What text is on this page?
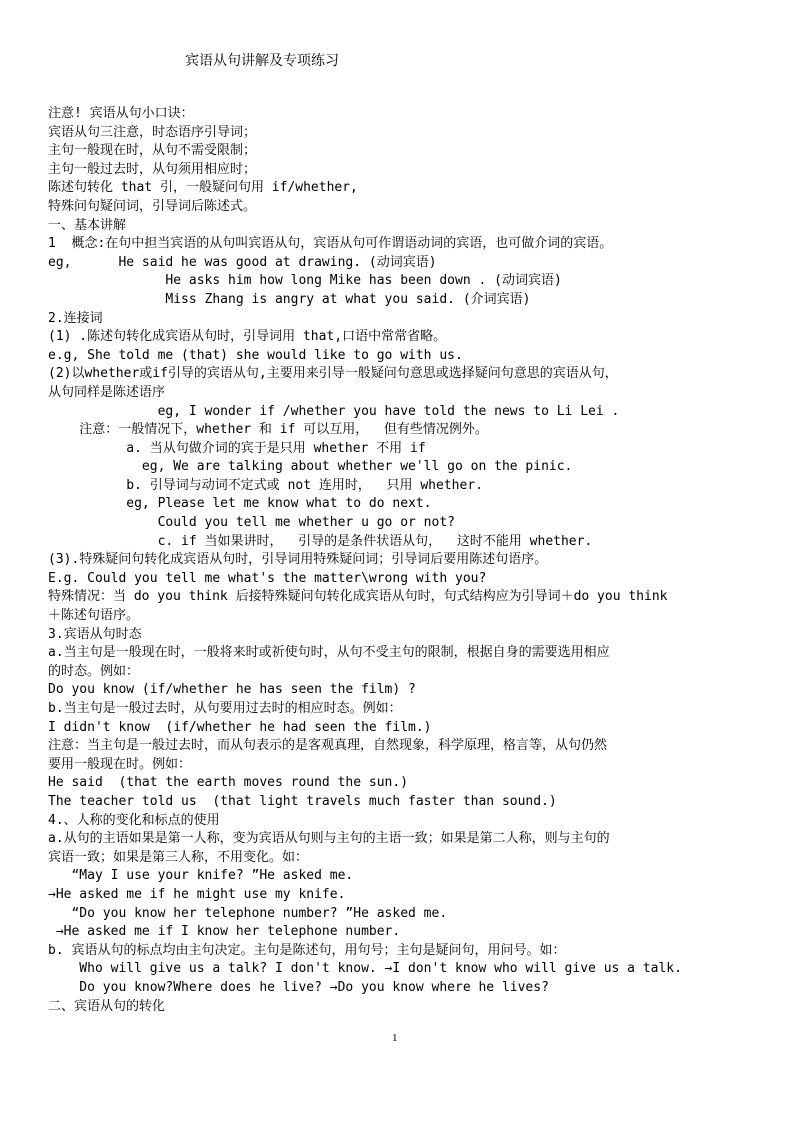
宾语从句讲解及专项练习
注意! 宾语从句小口诀：
宾语从句三注意，时态语序引导词；
主句一般现在时，从句不需受限制；
主句一般过去时，从句须用相应时；
陈述句转化 that 引，一般疑问句用 if/whether,
特殊问句疑问词，引导词后陈述式。
一、基本讲解
1  概念:在句中担当宾语的从句叫宾语从句，宾语从句可作谓语动词的宾语，也可做介词的宾语。
eg,      He said he was good at drawing. (动词宾语)
He asks him how long Mike has been down . (动词宾语)
Miss Zhang is angry at what you said. (介词宾语)
2.连接词
(1) .陈述句转化成宾语从句时，引导词用 that,口语中常常省略。
e.g, She told me (that) she would like to go with us.
(2)以whether或if引导的宾语从句,主要用来引导一般疑问句意思或选择疑问句意思的宾语从句，
从句同样是陈述语序
eg, I wonder if /whether you have told the news to Li Lei .
注意：一般情况下，whether 和 if 可以互用，  但有些情况例外。
a. 当从句做介词的宾于是只用 whether 不用 if
eg, We are talking about whether we'll go on the pinic.
b. 引导词与动词不定式或 not 连用时，  只用 whether.
eg, Please let me know what to do next.
Could you tell me whether u go or not?
c. if 当如果讲时，  引导的是条件状语从句，  这时不能用 whether.
(3).特殊疑问句转化成宾语从句时，引导词用特殊疑问词；引导词后要用陈述句语序。
E.g. Could you tell me what's the matter\wrong with you?
特殊情况：当 do you think 后接特殊疑问句转化成宾语从句时，句式结构应为引导词＋do you think
＋陈述句语序。
3.宾语从句时态
a.当主句是一般现在时，一般将来时或祈使句时，从句不受主句的限制，根据自身的需要选用相应
的时态。例如：
Do you know (if/whether he has seen the film) ?
b.当主句是一般过去时，从句要用过去时的相应时态。例如：
I didn't know  (if/whether he had seen the film.)
注意：当主句是一般过去时，而从句表示的是客观真理，自然现象，科学原理，格言等，从句仍然
要用一般现在时。例如：
He said  (that the earth moves round the sun.)
The teacher told us  (that light travels much faster than sound.)
4.、人称的变化和标点的使用
a.从句的主语如果是第一人称，变为宾语从句则与主句的主语一致；如果是第二人称，则与主句的
宾语一致；如果是第三人称，不用变化。如：
“May I use your knife? ”He asked me.
→He asked me if he might use my knife.
“Do you know her telephone number? ”He asked me.
→He asked me if I know her telephone number.
b. 宾语从句的标点均由主句决定。主句是陈述句，用句号；主句是疑问句，用问号。如：
Who will give us a talk? I don't know. →I don't know who will give us a talk.
Do you know?Where does he live? →Do you know where he lives?
二、宾语从句的转化
1
